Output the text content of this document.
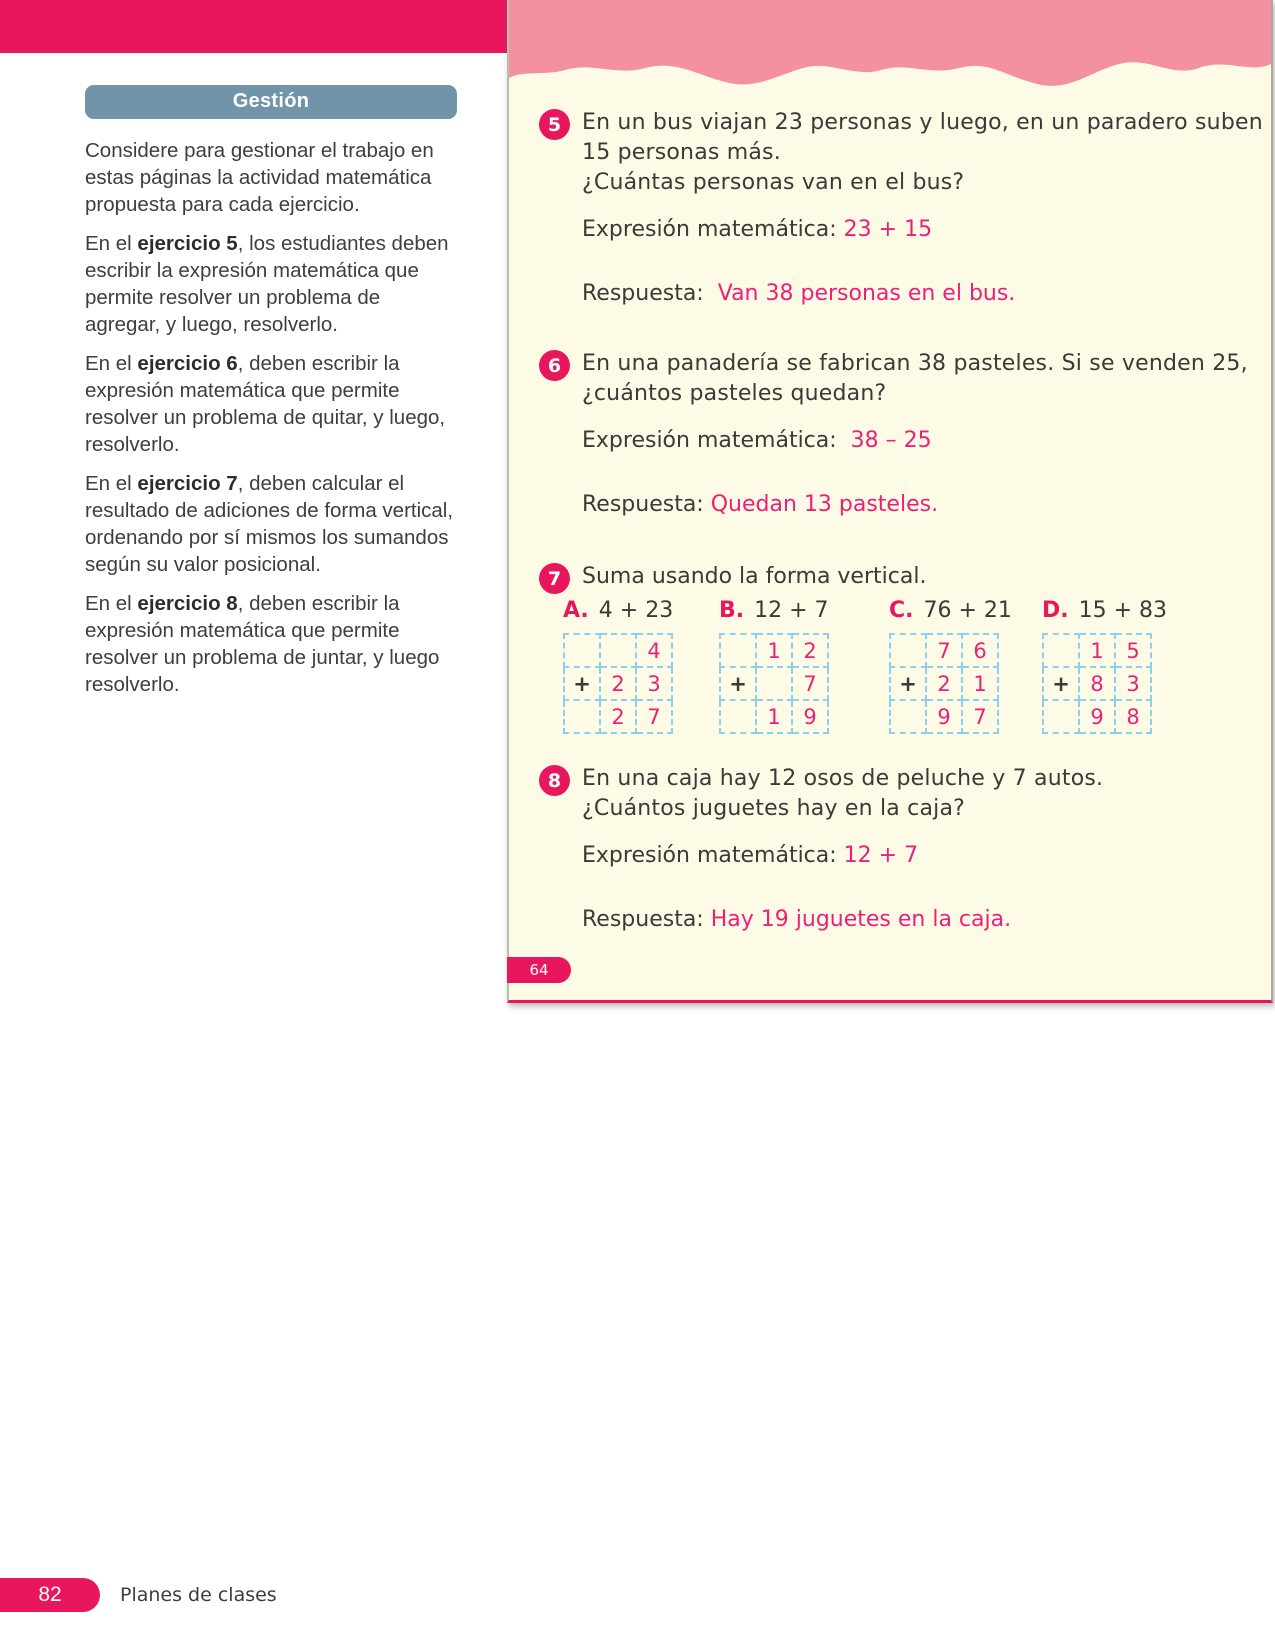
Gestión

Considere para gestionar el trabajo en estas páginas la actividad matemática propuesta para cada ejercicio.

En el ejercicio 5, los estudiantes deben escribir la expresión matemática que permite resolver un problema de agregar, y luego, resolverlo.

En el ejercicio 6, deben escribir la expresión matemática que permite resolver un problema de quitar, y luego, resolverlo.

En el ejercicio 7, deben calcular el resultado de adiciones de forma vertical, ordenando por sí mismos los sumandos según su valor posicional.

En el ejercicio 8, deben escribir la expresión matemática que permite resolver un problema de juntar, y luego resolverlo.

5 En un bus viajan 23 personas y luego, en un paradero suben

15 personas más.

¿Cuántas personas van en el bus?

Expresión matemática: 23 + 15
Respuesta: Van 38 personas en el bus.
6 En una panadería se fabrican 38 pasteles. Si se venden 25,

¿cuántos pasteles quedan?

Expresión matemática: 38 – 25
Respuesta: Quedan 13 pasteles.
7 Suma usando la forma vertical.

A. 4 + 23
		4
+	2	3
	2	7
B. 12 + 7
	1	2
+		7
	1	9
C. 76 + 21
	7	6
+	2	1
	9	7
D. 15 + 83
	1	5
+	8	3
	9	8
8 En una caja hay 12 osos de peluche y 7 autos.

¿Cuántos juguetes hay en la caja?

Expresión matemática: 12 + 7
Respuesta: Hay 19 juguetes en la caja.
64
82	Planes de clases
